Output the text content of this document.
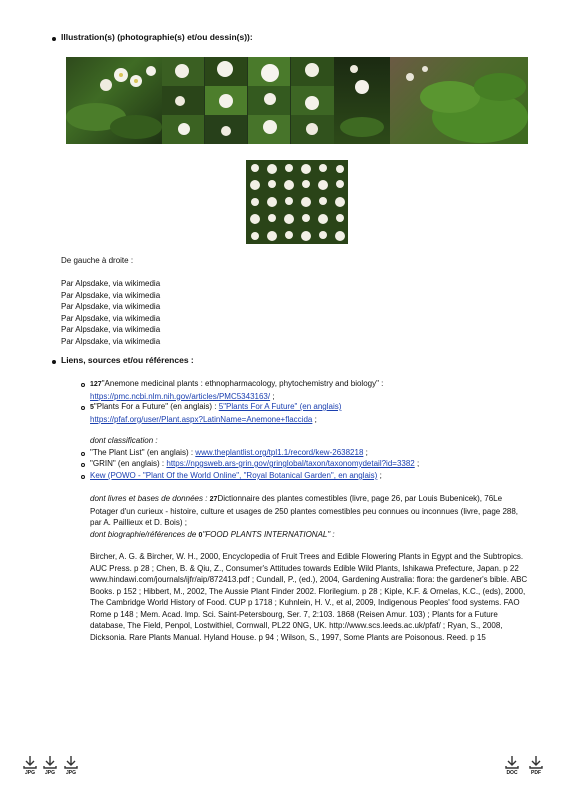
Illustration(s) (photographie(s) et/ou dessin(s)):
De gauche à droite :
Par Alpsdake, via wikimedia
Par Alpsdake, via wikimedia
Par Alpsdake, via wikimedia
Par Alpsdake, via wikimedia
Par Alpsdake, via wikimedia
Par Alpsdake, via wikimedia
Liens, sources et/ou références :
127"Anemone medicinal plants : ethnopharmacology, phytochemistry and biology" :
https://pmc.ncbi.nlm.nih.gov/articles/PMC5343163/ ;
5"Plants For a Future" (en anglais) : 5"Plants For A Future" (en anglais)
https://pfaf.org/user/Plant.aspx?LatinName=Anemone+flaccida ;
dont classification :
"The Plant List" (en anglais) : www.theplantlist.org/tpl1.1/record/kew-2638218 ;
"GRIN" (en anglais) : https://npgsweb.ars-grin.gov/gringlobal/taxon/taxonomydetail?id=3382 ;
Kew (POWO - "Plant Of the World Online", "Royal Botanical Garden", en anglais) ;
dont livres et bases de données : 27Dictionnaire des plantes comestibles (livre, page 26, par Louis Bubenicek), 76Le Potager d'un curieux - histoire, culture et usages de 250 plantes comestibles peu connues ou inconnues (livre, page 288, par A. Paillieux et D. Bois) ;
dont biographie/références de 0"FOOD PLANTS INTERNATIONAL" :
Bircher, A. G. & Bircher, W. H., 2000, Encyclopedia of Fruit Trees and Edible Flowering Plants in Egypt and the Subtropics. AUC Press. p 28 ; Chen, B. & Qiu, Z., Consumer's Attitudes towards Edible Wild Plants, Ishikawa Prefecture, Japan. p 22 www.hindawi.com/journals/ijfr/aip/872413.pdf ; Cundall, P., (ed.), 2004, Gardening Australia: flora: the gardener's bible. ABC Books. p 152 ; Hibbert, M., 2002, The Aussie Plant Finder 2002. Florilegium. p 28 ; Kiple, K.F. & Ornelas, K.C., (eds), 2000, The Cambridge World History of Food. CUP p 1718 ; Kuhnlein, H. V., et al, 2009, Indigenous Peoples' food systems. FAO Rome p 148 ; Mem. Acad. Imp. Sci. Saint-Petersbourg, Ser. 7, 2:103. 1868 (Reisen Amur. 103) ; Plants for a Future database, The Field, Penpol, Lostwithiel, Cornwall, PL22 0NG, UK. http://www.scs.leeds.ac.uk/pfaf/ ; Ryan, S., 2008, Dicksonia. Rare Plants Manual. Hyland House. p 94 ; Wilson, S., 1997, Some Plants are Poisonous. Reed. p 15
JPG	JPG	JPG	DOC	PDF
